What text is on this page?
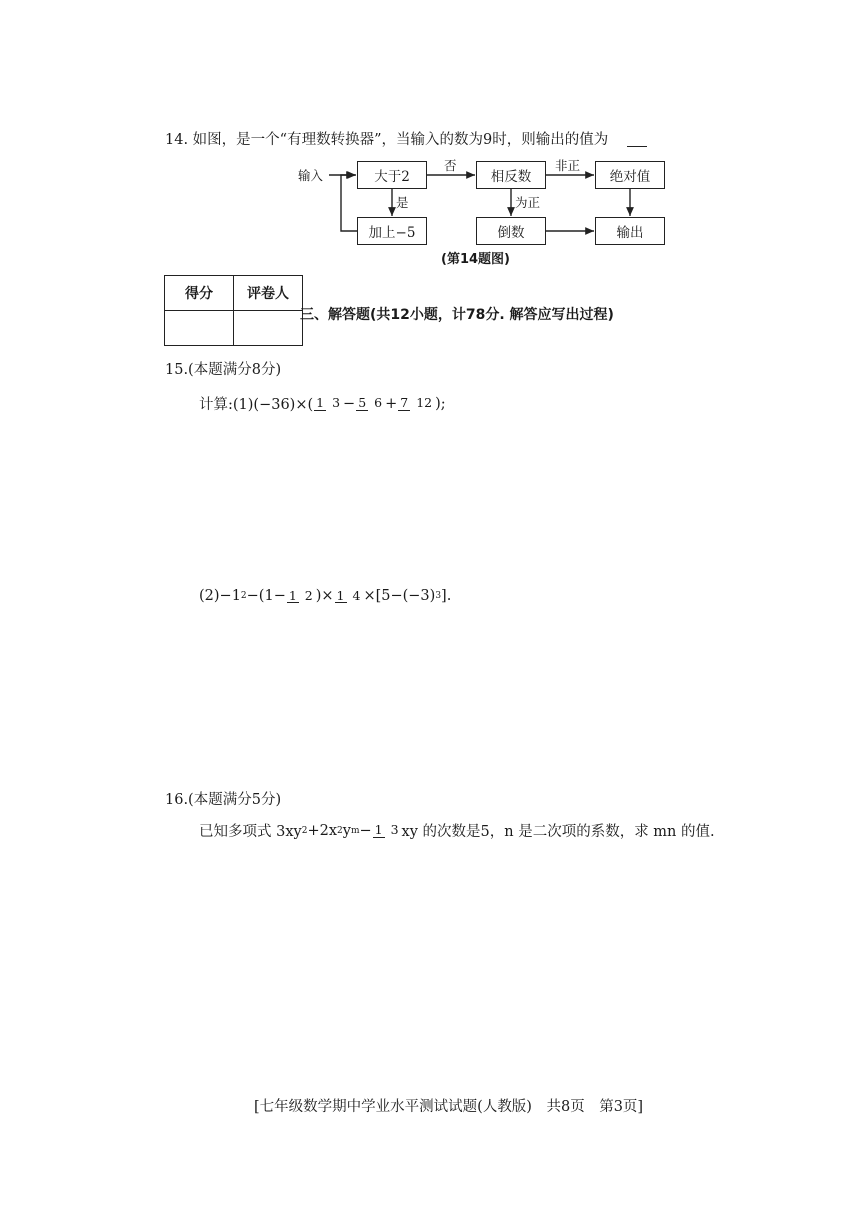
14. 如图，是一个“有理数转换器”，当输入的数为9时，则输出的值为
输入	大于2	相反数	绝对值
加上−5	倒数	输出
否	非正
是	为正
(第14题图)
得分	评卷人

三、解答题(共12小题，计78分. 解答应写出过程)
15.(本题满分8分)
计算:(1)(−36)×( 1 3 − 5 6 + 7 12 );
(2)−1 2 −(1− 1 2 )× 1 4 ×[5−(−3) 3 ].
16.(本题满分5分)
已知多项式 3xy 2 +2x 2 y m − 1 3 xy 的次数是5，n 是二次项的系数，求 mn 的值.
[七年级数学期中学业水平测试试题(人教版)　共8页　第3页]
